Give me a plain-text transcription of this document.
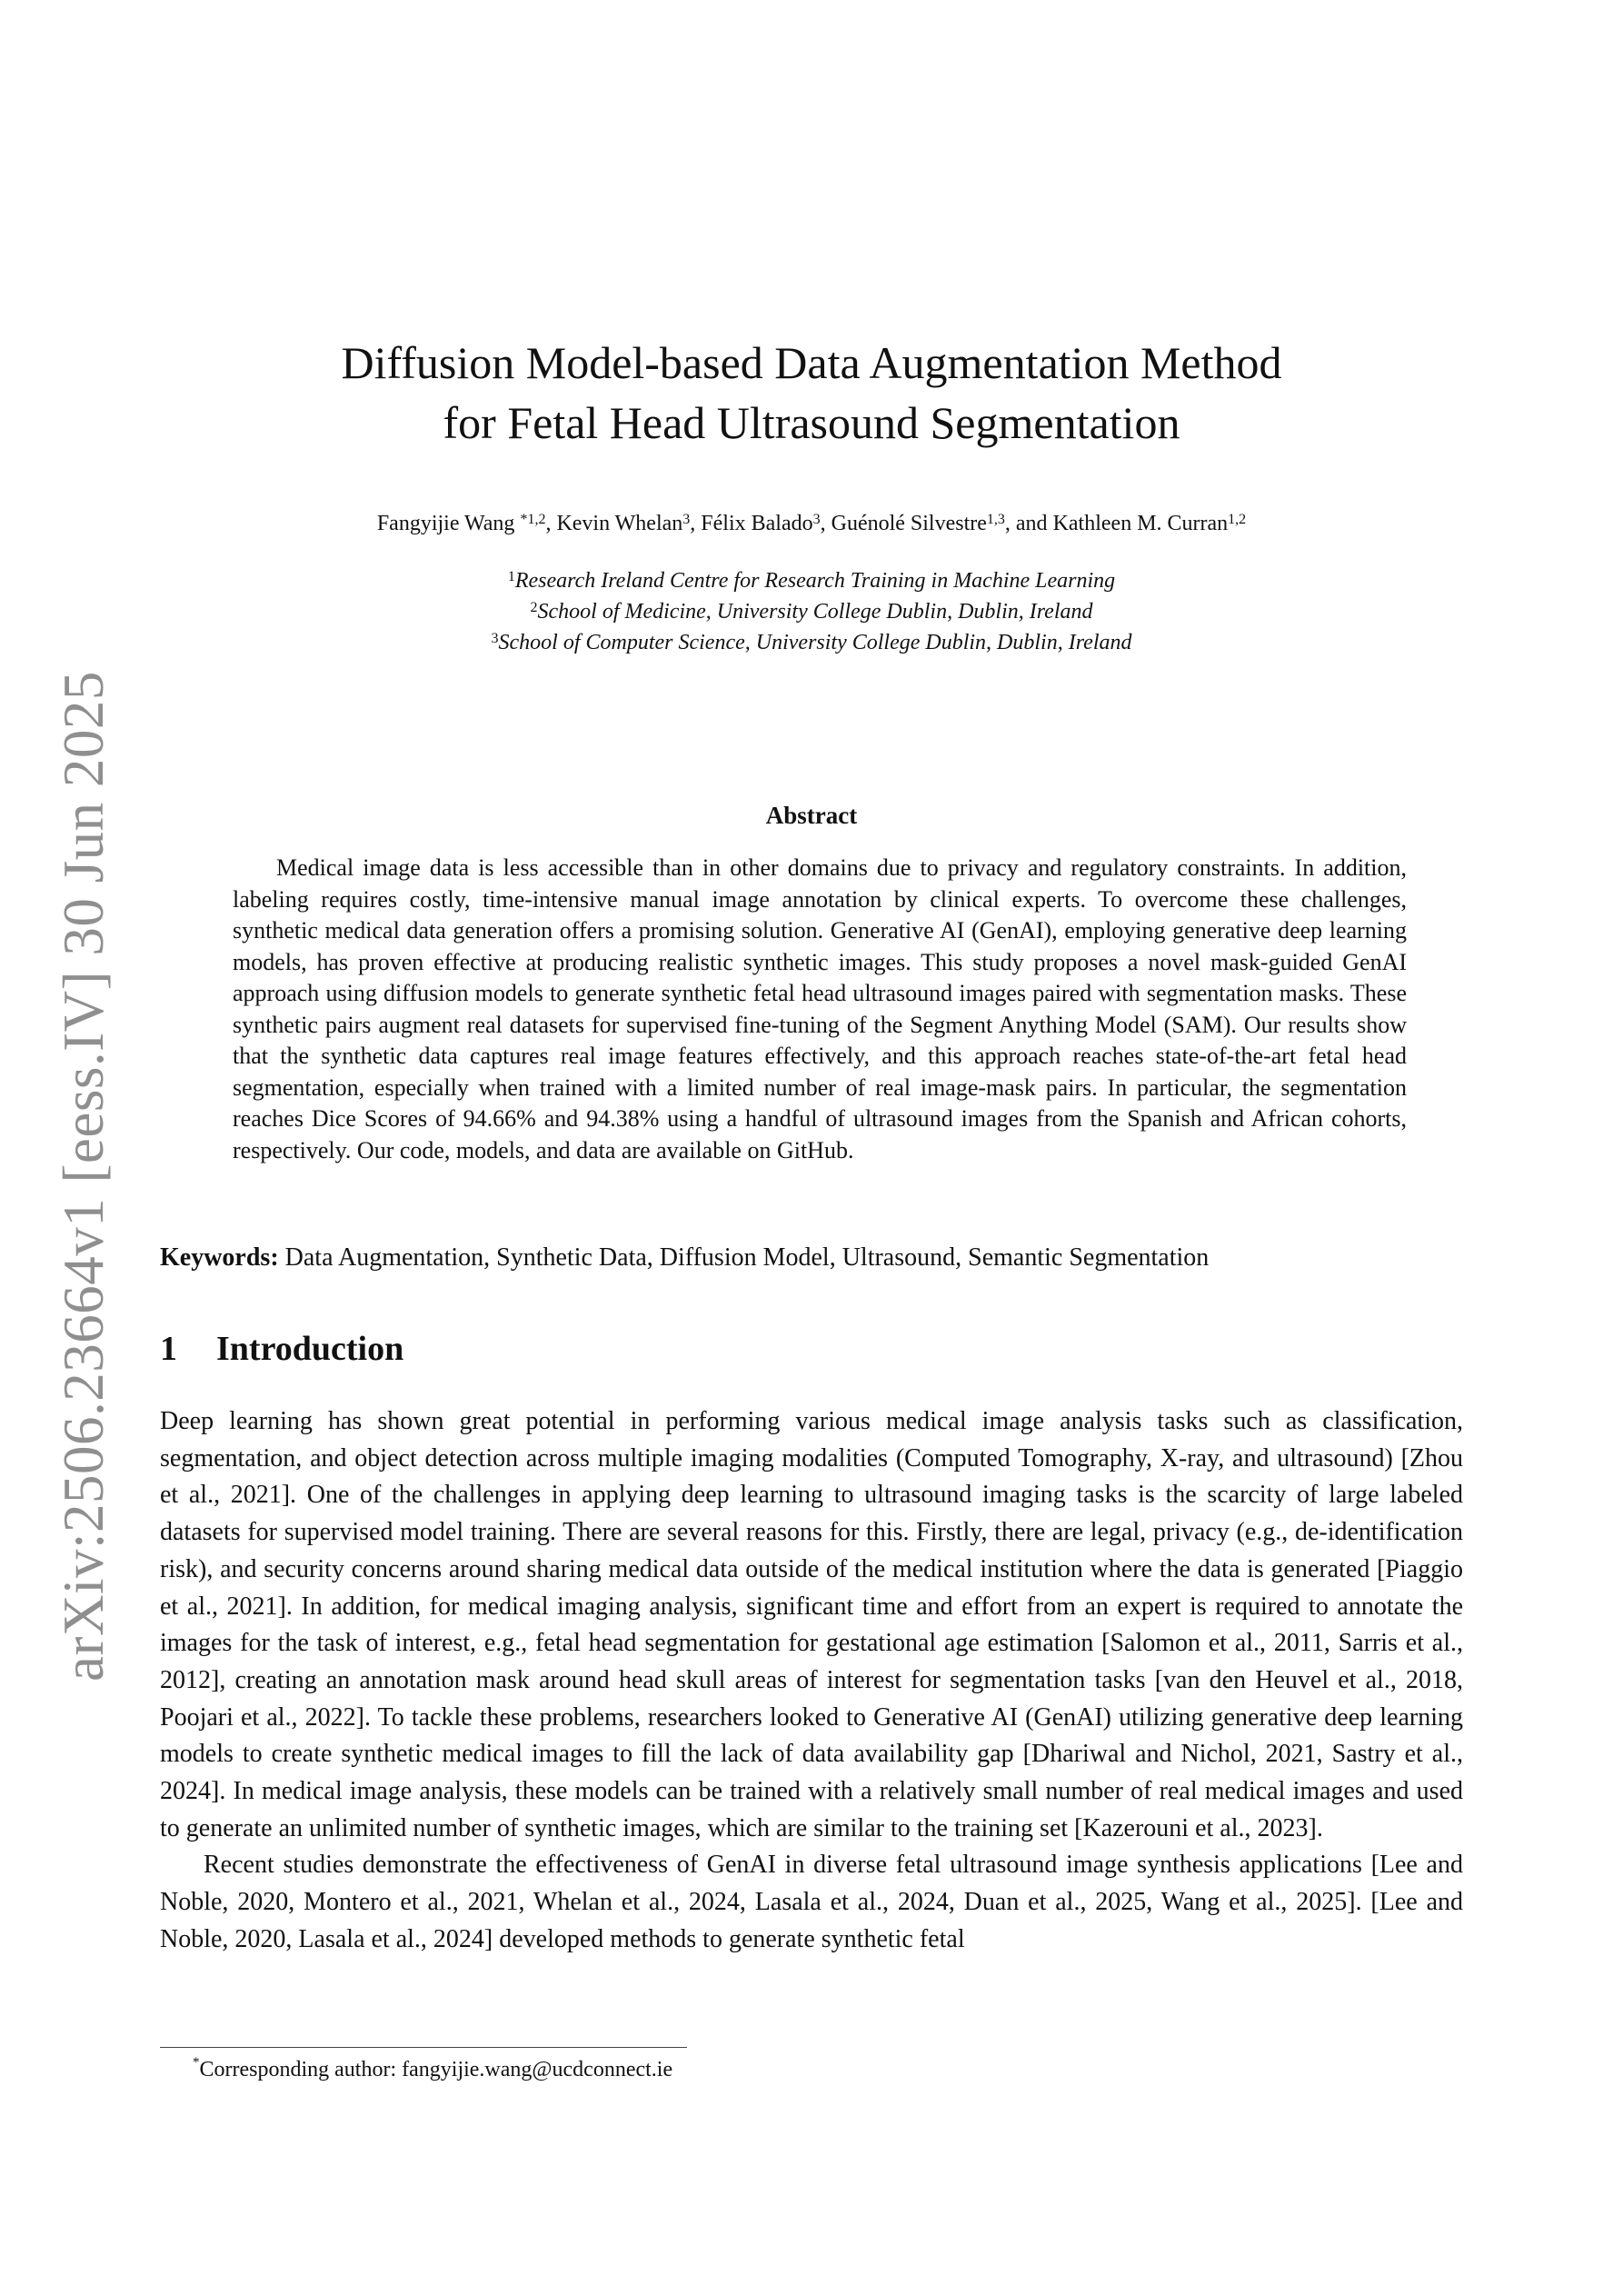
arXiv:2506.23664v1 [eess.IV] 30 Jun 2025
Diffusion Model-based Data Augmentation Method
for Fetal Head Ultrasound Segmentation
Fangyijie Wang $^{*1,2}$, Kevin Whelan$^3$, Félix Balado$^3$, Guénolé Silvestre$^{1,3}$, and Kathleen M. Curran$^{1,2}$
$^1$Research Ireland Centre for Research Training in Machine Learning
$^2$School of Medicine, University College Dublin, Dublin, Ireland
$^3$School of Computer Science, University College Dublin, Dublin, Ireland
Abstract

Medical image data is less accessible than in other domains due to privacy and regulatory constraints. In addition, labeling requires costly, time-intensive manual image annotation by clinical experts. To overcome these challenges, synthetic medical data generation offers a promising solution. Generative AI (GenAI), employing generative deep learning models, has proven effective at producing realistic synthetic images. This study proposes a novel mask-guided GenAI approach using diffusion models to generate synthetic fetal head ultrasound images paired with segmentation masks. These synthetic pairs augment real datasets for supervised fine-tuning of the Segment Anything Model (SAM). Our results show that the synthetic data captures real image features effectively, and this approach reaches state-of-the-art fetal head segmentation, especially when trained with a limited number of real image-mask pairs. In particular, the segmentation reaches Dice Scores of 94.66% and 94.38% using a handful of ultrasound images from the Spanish and African cohorts, respectively. Our code, models, and data are available on GitHub.

Keywords: Data Augmentation, Synthetic Data, Diffusion Model, Ultrasound, Semantic Segmentation
1 Introduction

Deep learning has shown great potential in performing various medical image analysis tasks such as classification, segmentation, and object detection across multiple imaging modalities (Computed Tomography, X-ray, and ultrasound) [Zhou et al., 2021]. One of the challenges in applying deep learning to ultrasound imaging tasks is the scarcity of large labeled datasets for supervised model training. There are several reasons for this. Firstly, there are legal, privacy (e.g., de-identification risk), and security concerns around sharing medical data outside of the medical institution where the data is generated [Piaggio et al., 2021]. In addition, for medical imaging analysis, significant time and effort from an expert is required to annotate the images for the task of interest, e.g., fetal head segmentation for gestational age estimation [Salomon et al., 2011, Sarris et al., 2012], creating an annotation mask around head skull areas of interest for segmentation tasks [van den Heuvel et al., 2018, Poojari et al., 2022]. To tackle these problems, researchers looked to Generative AI (GenAI) utilizing generative deep learning models to create synthetic medical images to fill the lack of data availability gap [Dhariwal and Nichol, 2021, Sastry et al., 2024]. In medical image analysis, these models can be trained with a relatively small number of real medical images and used to generate an unlimited number of synthetic images, which are similar to the training set [Kazerouni et al., 2023].

Recent studies demonstrate the effectiveness of GenAI in diverse fetal ultrasound image synthesis applications [Lee and Noble, 2020, Montero et al., 2021, Whelan et al., 2024, Lasala et al., 2024, Duan et al., 2025, Wang et al., 2025]. [Lee and Noble, 2020, Lasala et al., 2024] developed methods to generate synthetic fetal

*Corresponding author: fangyijie.wang@ucdconnect.ie
